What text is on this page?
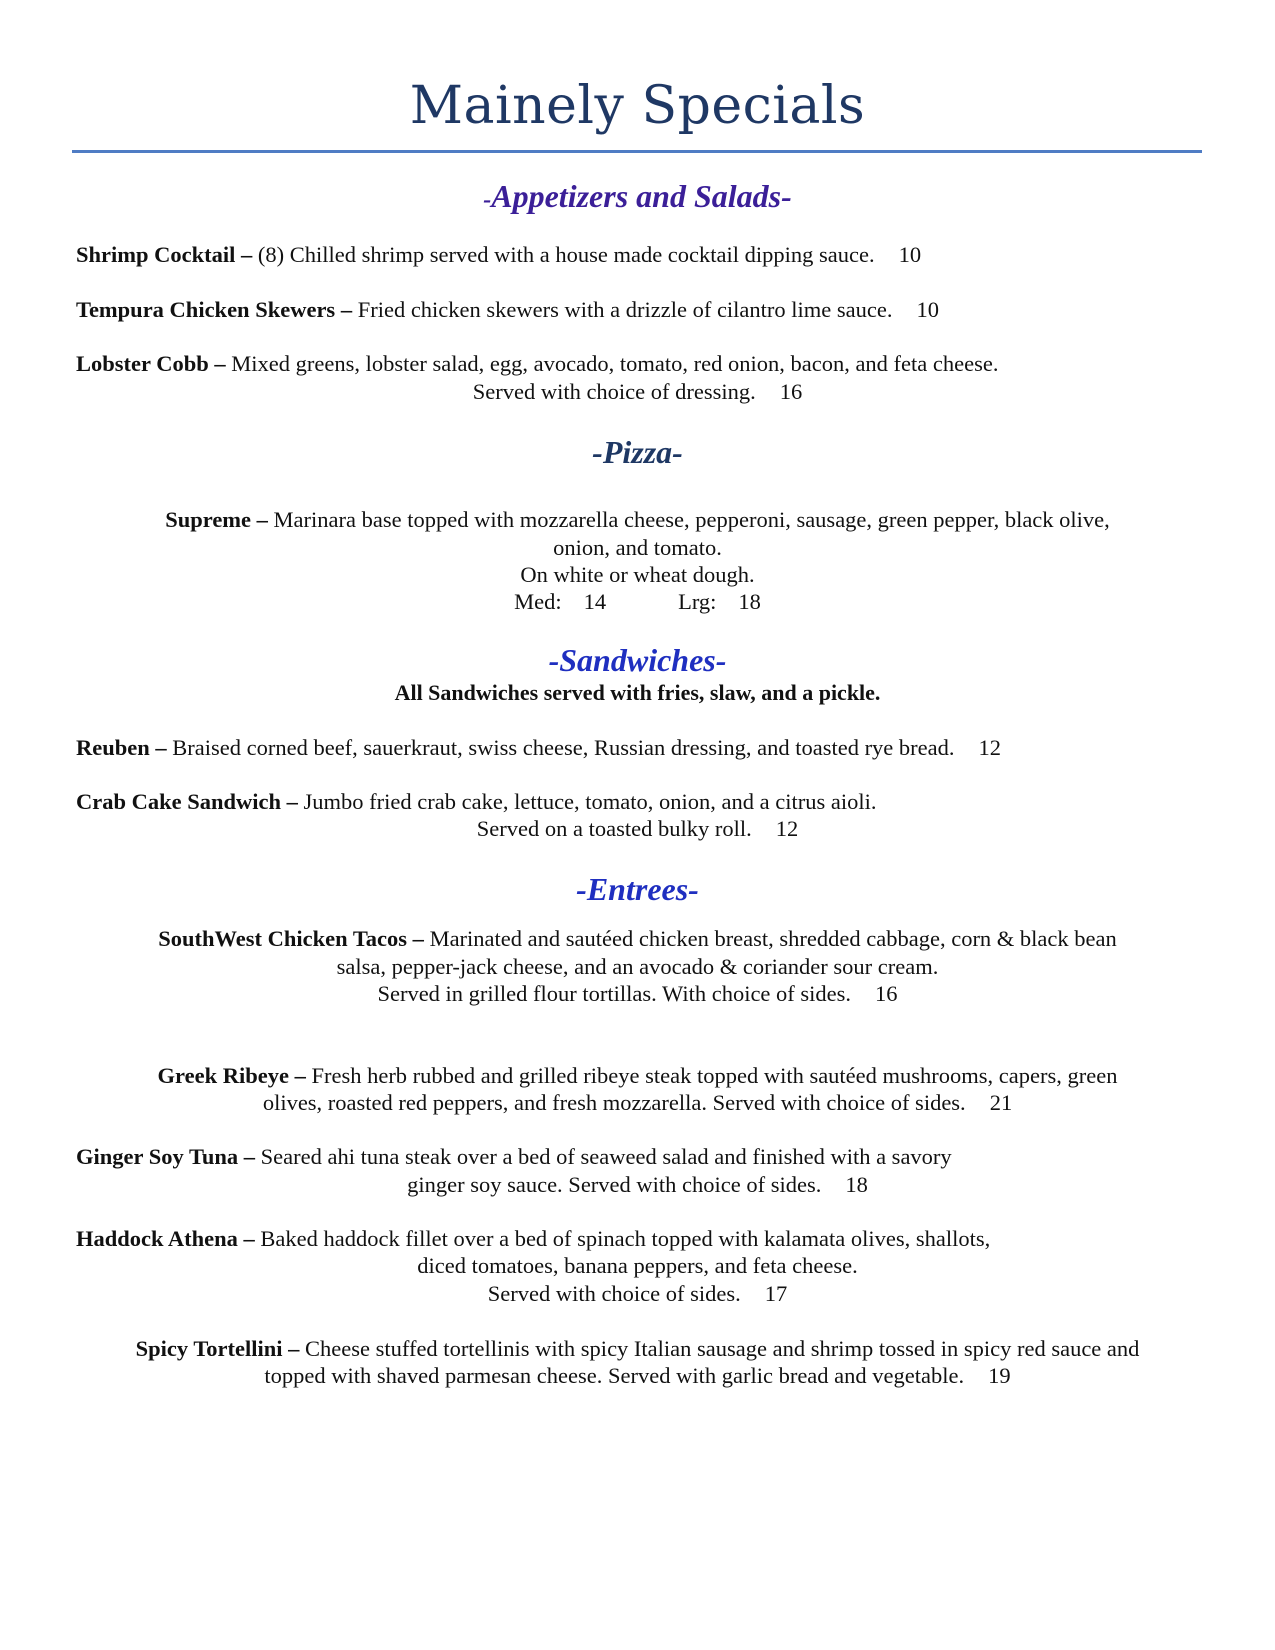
Mainely Specials
-Appetizers and Salads-
Shrimp Cocktail – (8) Chilled shrimp served with a house made cocktail dipping sauce. 10
Tempura Chicken Skewers – Fried chicken skewers with a drizzle of cilantro lime sauce. 10
Lobster Cobb – Mixed greens, lobster salad, egg, avocado, tomato, red onion, bacon, and feta cheese.
Served with choice of dressing. 16
-Pizza-
Supreme – Marinara base topped with mozzarella cheese, pepperoni, sausage, green pepper, black olive,
onion, and tomato.
On white or wheat dough.
Med: 14	Lrg: 18
-Sandwiches-
All Sandwiches served with fries, slaw, and a pickle.
Reuben – Braised corned beef, sauerkraut, swiss cheese, Russian dressing, and toasted rye bread. 12
Crab Cake Sandwich – Jumbo fried crab cake, lettuce, tomato, onion, and a citrus aioli.
Served on a toasted bulky roll. 12
-Entrees-
SouthWest Chicken Tacos – Marinated and sautéed chicken breast, shredded cabbage, corn & black bean
salsa, pepper-jack cheese, and an avocado & coriander sour cream.
Served in grilled flour tortillas. With choice of sides. 16
Greek Ribeye – Fresh herb rubbed and grilled ribeye steak topped with sautéed mushrooms, capers, green
olives, roasted red peppers, and fresh mozzarella. Served with choice of sides. 21
Ginger Soy Tuna – Seared ahi tuna steak over a bed of seaweed salad and finished with a savory
ginger soy sauce. Served with choice of sides. 18
Haddock Athena – Baked haddock fillet over a bed of spinach topped with kalamata olives, shallots,
diced tomatoes, banana peppers, and feta cheese.
Served with choice of sides. 17
Spicy Tortellini – Cheese stuffed tortellinis with spicy Italian sausage and shrimp tossed in spicy red sauce and
topped with shaved parmesan cheese. Served with garlic bread and vegetable. 19
